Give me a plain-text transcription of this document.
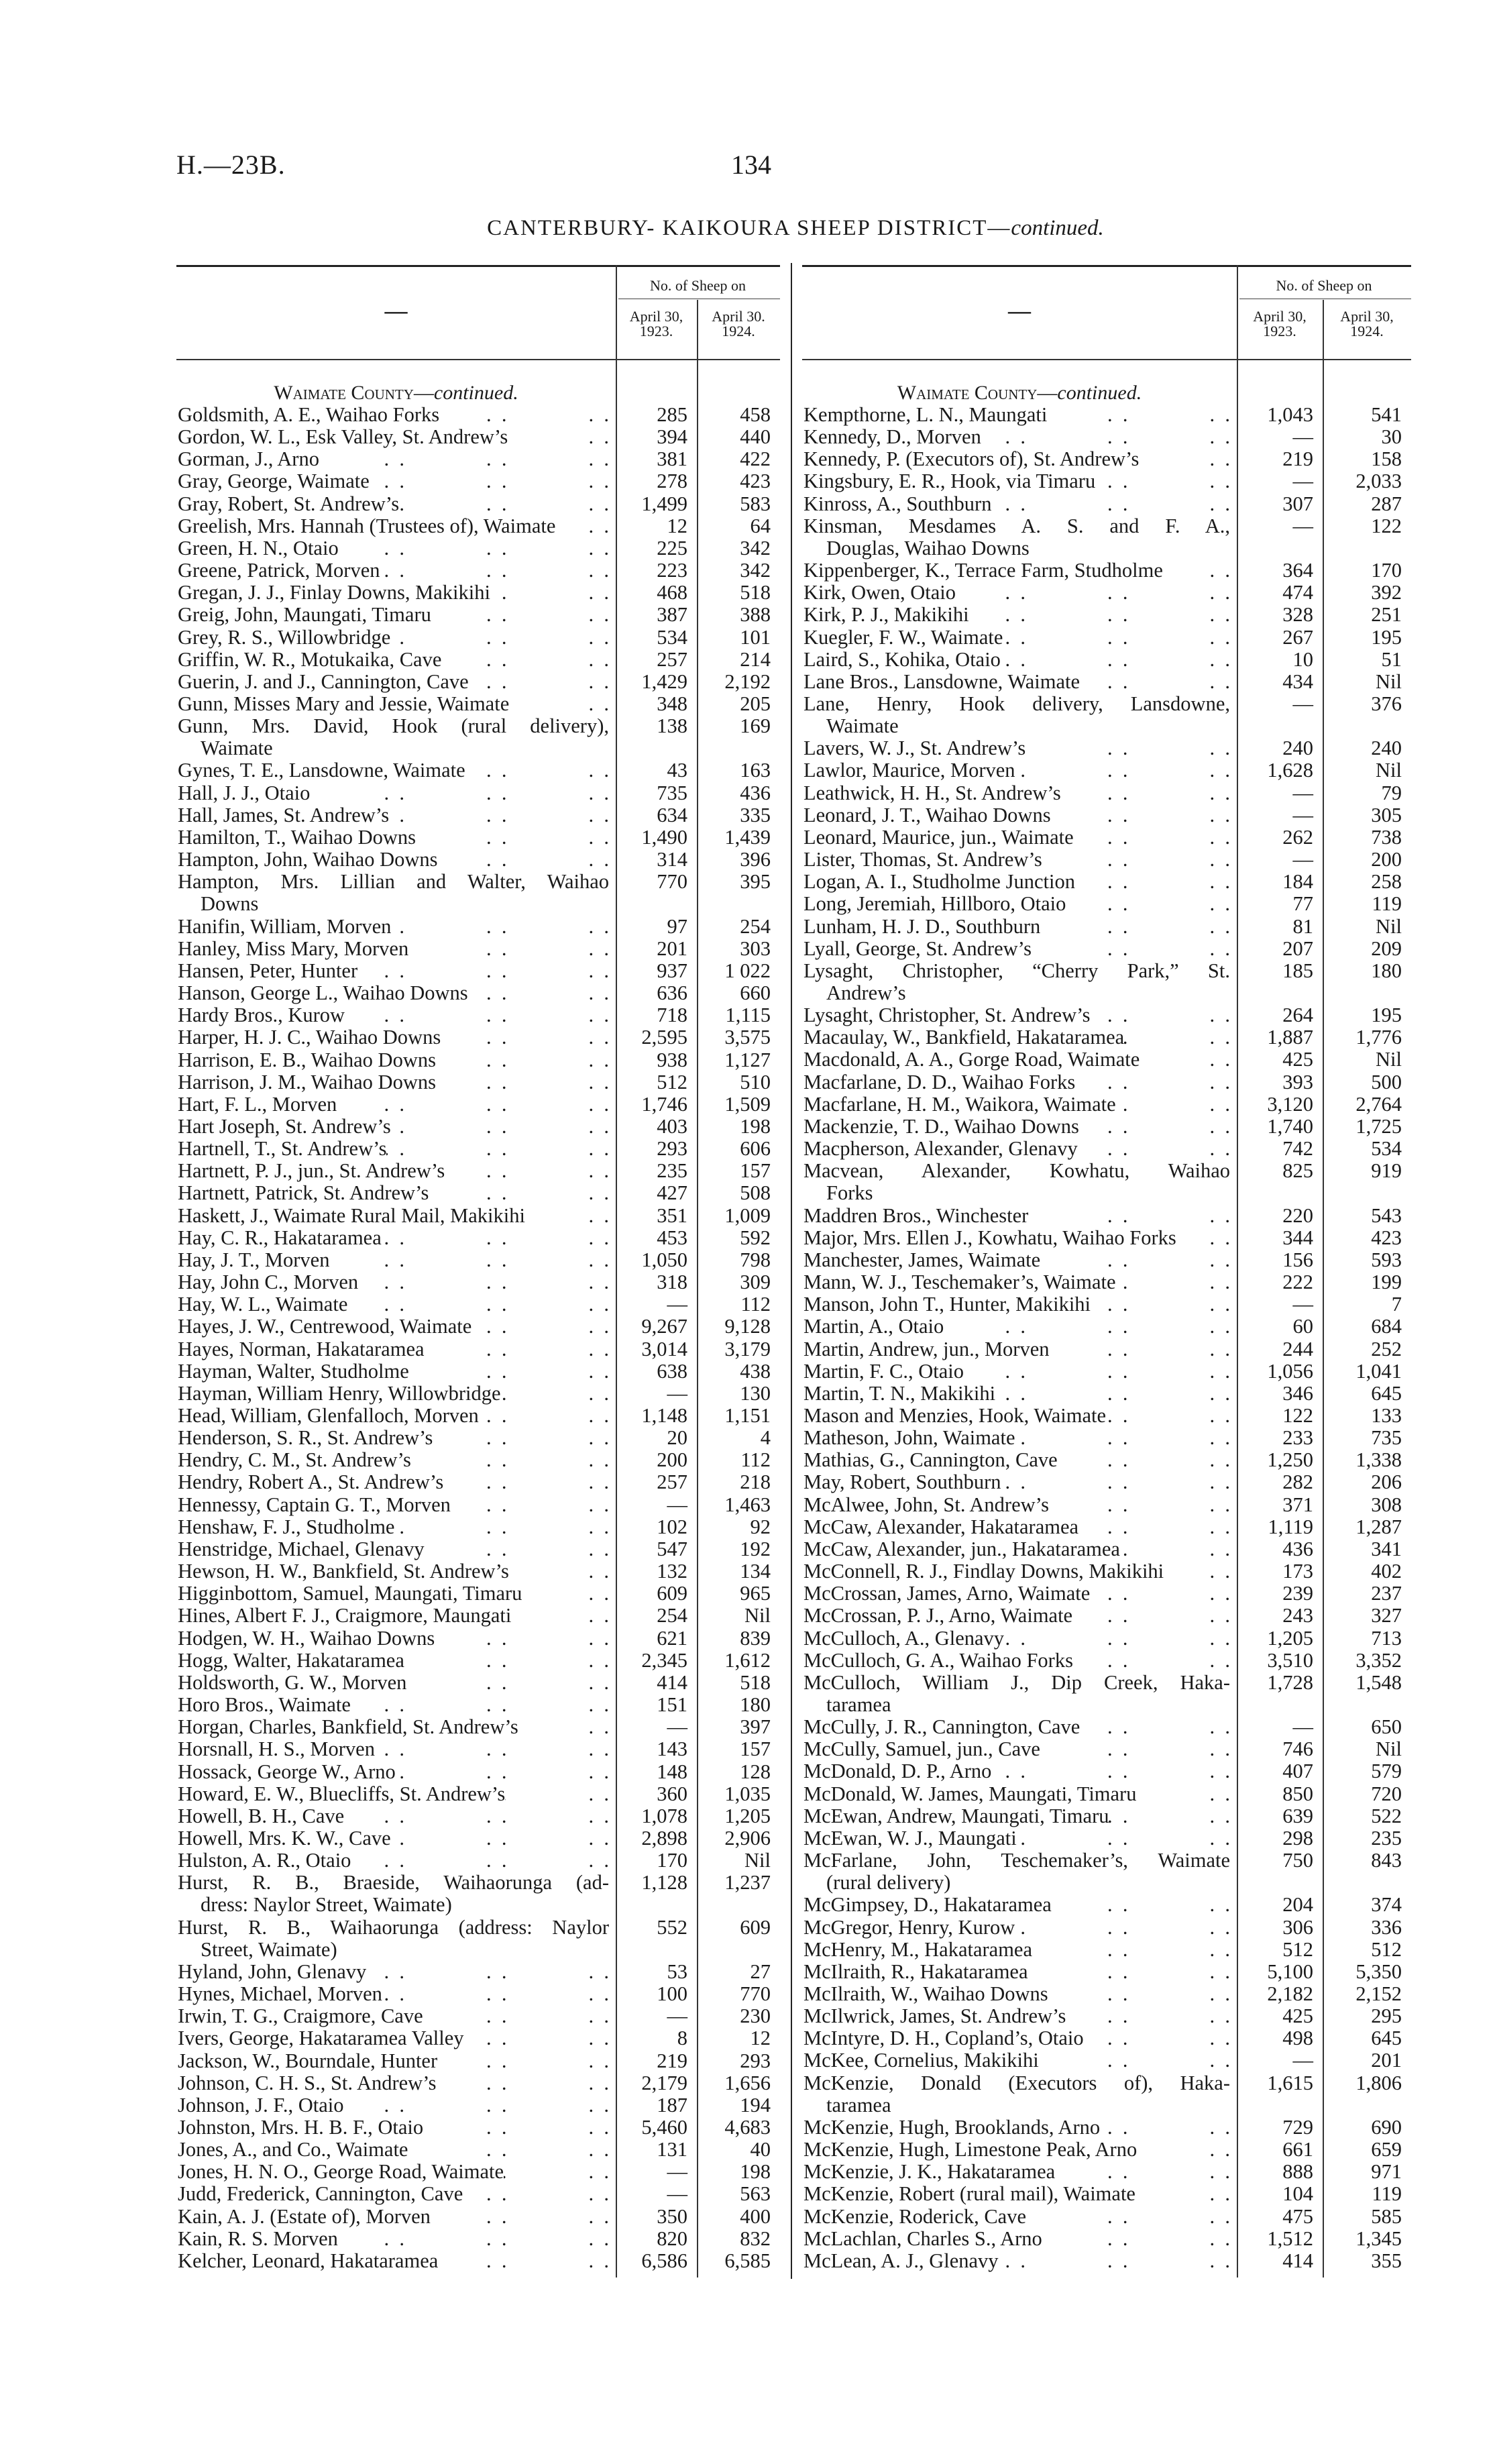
H.—23B.	134
CANTERBURY- KAIKOURA SHEEP DISTRICT—continued.
—
No. of Sheep on
April 30,
1923.
April 30.
1924.
Waimate County—continued.
Goldsmith, A. E., Waihao Forks .  .	285	458
Gordon, W. L., Esk Valley, St. Andrew’s .  .	394	440
Gorman, J., Arno .  .	381	422
Gray, George, Waimate .  .	278	423
Gray, Robert, St. Andrew’s .  .	1,499	583
Greelish, Mrs. Hannah (Trustees of), Waimate .  .	12	64
Green, H. N., Otaio .  .	225	342
Greene, Patrick, Morven .  .	223	342
Gregan, J. J., Finlay Downs, Makikihi .  .	468	518
Greig, John, Maungati, Timaru .  .	387	388
Grey, R. S., Willowbridge .  .	534	101
Griffin, W. R., Motukaika, Cave .  .	257	214
Guerin, J. and J., Cannington, Cave .  .	1,429	2,192
Gunn, Misses Mary and Jessie, Waimate .  .	348	205
Gunn, Mrs. David, Hook (rural delivery),
Waimate
138	169
Gynes, T. E., Lansdowne, Waimate .  .	43	163
Hall, J. J., Otaio .  .	735	436
Hall, James, St. Andrew’s .  .	634	335
Hamilton, T., Waihao Downs .  .	1,490	1,439
Hampton, John, Waihao Downs .  .	314	396
Hampton, Mrs. Lillian and Walter, Waihao
Downs
770	395
Hanifin, William, Morven .  .	97	254
Hanley, Miss Mary, Morven .  .	201	303
Hansen, Peter, Hunter .  .	937	1 022
Hanson, George L., Waihao Downs .  .	636	660
Hardy Bros., Kurow .  .	718	1,115
Harper, H. J. C., Waihao Downs .  .	2,595	3,575
Harrison, E. B., Waihao Downs .  .	938	1,127
Harrison, J. M., Waihao Downs .  .	512	510
Hart, F. L., Morven .  .	1,746	1,509
Hart Joseph, St. Andrew’s .  .	403	198
Hartnell, T., St. Andrew’s .  .	293	606
Hartnett, P. J., jun., St. Andrew’s .  .	235	157
Hartnett, Patrick, St. Andrew’s .  .	427	508
Haskett, J., Waimate Rural Mail, Makikihi .  .	351	1,009
Hay, C. R., Hakataramea .  .	453	592
Hay, J. T., Morven .  .	1,050	798
Hay, John C., Morven .  .	318	309
Hay, W. L., Waimate .  .	—	112
Hayes, J. W., Centrewood, Waimate .  .	9,267	9,128
Hayes, Norman, Hakataramea .  .	3,014	3,179
Hayman, Walter, Studholme .  .	638	438
Hayman, William Henry, Willowbridge .  .	—	130
Head, William, Glenfalloch, Morven .  .	1,148	1,151
Henderson, S. R., St. Andrew’s .  .	20	4
Hendry, C. M., St. Andrew’s .  .	200	112
Hendry, Robert A., St. Andrew’s .  .	257	218
Hennessy, Captain G. T., Morven .  .	—	1,463
Henshaw, F. J., Studholme .  .	102	92
Henstridge, Michael, Glenavy .  .	547	192
Hewson, H. W., Bankfield, St. Andrew’s .  .	132	134
Higginbottom, Samuel, Maungati, Timaru .  .	609	965
Hines, Albert F. J., Craigmore, Maungati .  .	254	Nil
Hodgen, W. H., Waihao Downs .  .	621	839
Hogg, Walter, Hakataramea .  .	2,345	1,612
Holdsworth, G. W., Morven .  .	414	518
Horo Bros., Waimate .  .	151	180
Horgan, Charles, Bankfield, St. Andrew’s .  .	—	397
Horsnall, H. S., Morven .  .	143	157
Hossack, George W., Arno .  .	148	128
Howard, E. W., Bluecliffs, St. Andrew’s .  .	360	1,035
Howell, B. H., Cave .  .	1,078	1,205
Howell, Mrs. K. W., Cave .  .	2,898	2,906
Hulston, A. R., Otaio .  .	170	Nil
Hurst, R. B., Braeside, Waihaorunga (ad-
dress: Naylor Street, Waimate)
1,128	1,237
Hurst, R. B., Waihaorunga (address: Naylor
Street, Waimate)
552	609
Hyland, John, Glenavy .  .	53	27
Hynes, Michael, Morven .  .	100	770
Irwin, T. G., Craigmore, Cave .  .	—	230
Ivers, George, Hakataramea Valley .  .	8	12
Jackson, W., Bourndale, Hunter .  .	219	293
Johnson, C. H. S., St. Andrew’s .  .	2,179	1,656
Johnson, J. F., Otaio .  .	187	194
Johnston, Mrs. H. B. F., Otaio .  .	5,460	4,683
Jones, A., and Co., Waimate .  .	131	40
Jones, H. N. O., George Road, Waimate .  .	—	198
Judd, Frederick, Cannington, Cave .  .	—	563
Kain, A. J. (Estate of), Morven .  .	350	400
Kain, R. S. Morven .  .	820	832
Kelcher, Leonard, Hakataramea .  .	6,586	6,585
—
No. of Sheep on
April 30,
1923.
April 30,
1924.
Waimate County—continued.
Kempthorne, L. N., Maungati .  .	1,043	541
Kennedy, D., Morven .  .	—	30
Kennedy, P. (Executors of), St. Andrew’s .  .	219	158
Kingsbury, E. R., Hook, via Timaru .  .	—	2,033
Kinross, A., Southburn .  .	307	287
Kinsman, Mesdames A. S. and F. A.,
Douglas, Waihao Downs
—	122
Kippenberger, K., Terrace Farm, Studholme .  .	364	170
Kirk, Owen, Otaio .  .	474	392
Kirk, P. J., Makikihi .  .	328	251
Kuegler, F. W., Waimate .  .	267	195
Laird, S., Kohika, Otaio .  .	10	51
Lane Bros., Lansdowne, Waimate .  .	434	Nil
Lane, Henry, Hook delivery, Lansdowne,
Waimate
—	376
Lavers, W. J., St. Andrew’s .  .	240	240
Lawlor, Maurice, Morven .  .	1,628	Nil
Leathwick, H. H., St. Andrew’s .  .	—	79
Leonard, J. T., Waihao Downs .  .	—	305
Leonard, Maurice, jun., Waimate .  .	262	738
Lister, Thomas, St. Andrew’s .  .	—	200
Logan, A. I., Studholme Junction .  .	184	258
Long, Jeremiah, Hillboro, Otaio .  .	77	119
Lunham, H. J. D., Southburn .  .	81	Nil
Lyall, George, St. Andrew’s .  .	207	209
Lysaght, Christopher, “Cherry Park,” St.
Andrew’s
185	180
Lysaght, Christopher, St. Andrew’s .  .	264	195
Macaulay, W., Bankfield, Hakataramea .  .	1,887	1,776
Macdonald, A. A., Gorge Road, Waimate .  .	425	Nil
Macfarlane, D. D., Waihao Forks .  .	393	500
Macfarlane, H. M., Waikora, Waimate .  .	3,120	2,764
Mackenzie, T. D., Waihao Downs .  .	1,740	1,725
Macpherson, Alexander, Glenavy .  .	742	534
Macvean, Alexander, Kowhatu, Waihao
Forks
825	919
Maddren Bros., Winchester .  .	220	543
Major, Mrs. Ellen J., Kowhatu, Waihao Forks .  .	344	423
Manchester, James, Waimate .  .	156	593
Mann, W. J., Teschemaker’s, Waimate .  .	222	199
Manson, John T., Hunter, Makikihi .  .	—	7
Martin, A., Otaio .  .	60	684
Martin, Andrew, jun., Morven .  .	244	252
Martin, F. C., Otaio .  .	1,056	1,041
Martin, T. N., Makikihi .  .	346	645
Mason and Menzies, Hook, Waimate .  .	122	133
Matheson, John, Waimate .  .	233	735
Mathias, G., Cannington, Cave .  .	1,250	1,338
May, Robert, Southburn .  .	282	206
McAlwee, John, St. Andrew’s .  .	371	308
McCaw, Alexander, Hakataramea .  .	1,119	1,287
McCaw, Alexander, jun., Hakataramea .  .	436	341
McConnell, R. J., Findlay Downs, Makikihi .  .	173	402
McCrossan, James, Arno, Waimate .  .	239	237
McCrossan, P. J., Arno, Waimate .  .	243	327
McCulloch, A., Glenavy .  .	1,205	713
McCulloch, G. A., Waihao Forks .  .	3,510	3,352
McCulloch, William J., Dip Creek, Haka-
taramea
1,728	1,548
McCully, J. R., Cannington, Cave .  .	—	650
McCully, Samuel, jun., Cave .  .	746	Nil
McDonald, D. P., Arno .  .	407	579
McDonald, W. James, Maungati, Timaru .  .	850	720
McEwan, Andrew, Maungati, Timaru .  .	639	522
McEwan, W. J., Maungati .  .	298	235
McFarlane, John, Teschemaker’s, Waimate
(rural delivery)
750	843
McGimpsey, D., Hakataramea .  .	204	374
McGregor, Henry, Kurow .  .	306	336
McHenry, M., Hakataramea .  .	512	512
McIlraith, R., Hakataramea .  .	5,100	5,350
McIlraith, W., Waihao Downs .  .	2,182	2,152
McIlwrick, James, St. Andrew’s .  .	425	295
McIntyre, D. H., Copland’s, Otaio .  .	498	645
McKee, Cornelius, Makikihi .  .	—	201
McKenzie, Donald (Executors of), Haka-
taramea
1,615	1,806
McKenzie, Hugh, Brooklands, Arno .  .	729	690
McKenzie, Hugh, Limestone Peak, Arno .  .	661	659
McKenzie, J. K., Hakataramea .  .	888	971
McKenzie, Robert (rural mail), Waimate .  .	104	119
McKenzie, Roderick, Cave .  .	475	585
McLachlan, Charles S., Arno .  .	1,512	1,345
McLean, A. J., Glenavy .  .	414	355
